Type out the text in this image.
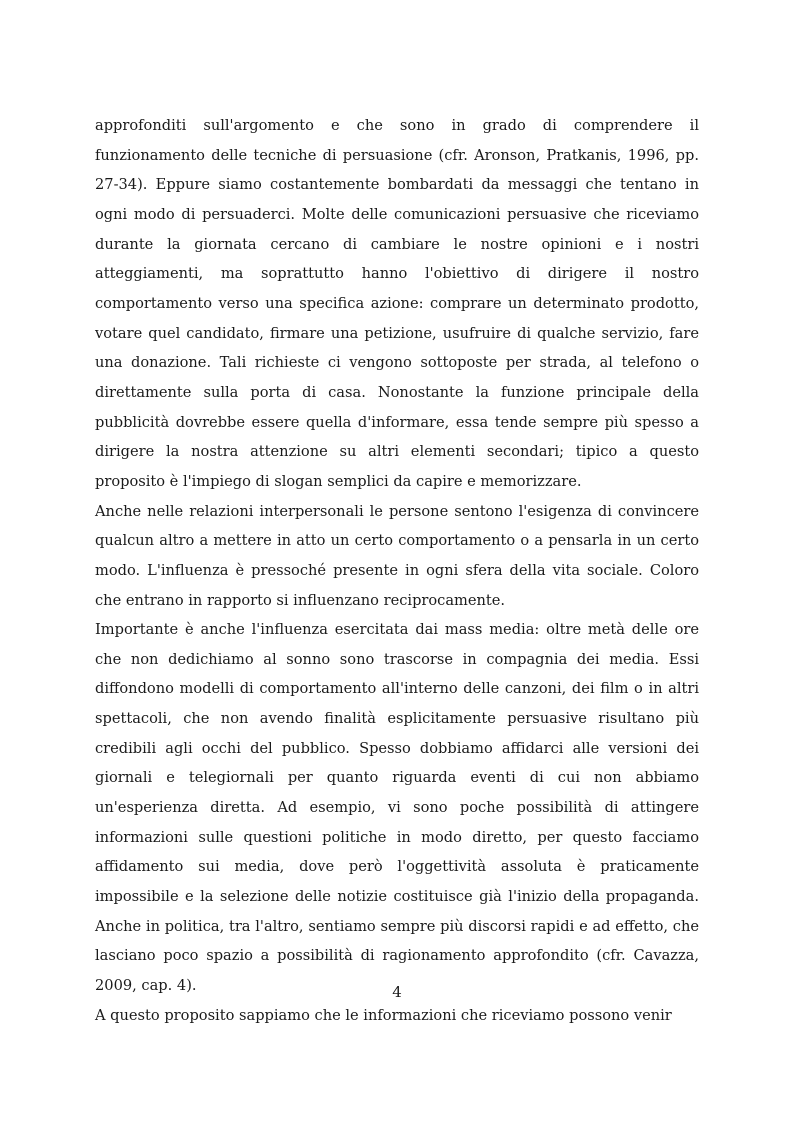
approfonditi sull'argomento e che sono in grado di comprendere il funzionamento delle tecniche di persuasione (cfr. Aronson, Pratkanis, 1996, pp. 27-34). Eppure siamo costantemente bombardati da messaggi che tentano in ogni modo di persuaderci. Molte delle comunicazioni persuasive che riceviamo durante la giornata cercano di cambiare le nostre opinioni e i nostri atteggiamenti, ma soprattutto hanno l'obiettivo di dirigere il nostro comportamento verso una specifica azione: comprare un determinato prodotto, votare quel candidato, firmare una petizione, usufruire di qualche servizio, fare una donazione. Tali richieste ci vengono sottoposte per strada, al telefono o direttamente sulla porta di casa. Nonostante la funzione principale della pubblicità dovrebbe essere quella d'informare, essa tende sempre più spesso a dirigere la nostra attenzione su altri elementi secondari; tipico a questo proposito è l'impiego di slogan semplici da capire e memorizzare.

Anche nelle relazioni interpersonali le persone sentono l'esigenza di convincere qualcun altro a mettere in atto un certo comportamento o a pensarla in un certo modo. L'influenza è pressoché presente in ogni sfera della vita sociale. Coloro che entrano in rapporto si influenzano reciprocamente.

Importante è anche l'influenza esercitata dai mass media: oltre metà delle ore che non dedichiamo al sonno sono trascorse in compagnia dei media. Essi diffondono modelli di comportamento all'interno delle canzoni, dei film o in altri spettacoli, che non avendo finalità esplicitamente persuasive risultano più credibili agli occhi del pubblico. Spesso dobbiamo affidarci alle versioni dei giornali e telegiornali per quanto riguarda eventi di cui non abbiamo un'esperienza diretta. Ad esempio, vi sono poche possibilità di attingere informazioni sulle questioni politiche in modo diretto, per questo facciamo affidamento sui media, dove però l'oggettività assoluta è praticamente impossibile e la selezione delle notizie costituisce già l'inizio della propaganda. Anche in politica, tra l'altro, sentiamo sempre più discorsi rapidi e ad effetto, che lasciano poco spazio a possibilità di ragionamento approfondito (cfr. Cavazza, 2009, cap. 4).

A questo proposito sappiamo che le informazioni che riceviamo possono venir

4
